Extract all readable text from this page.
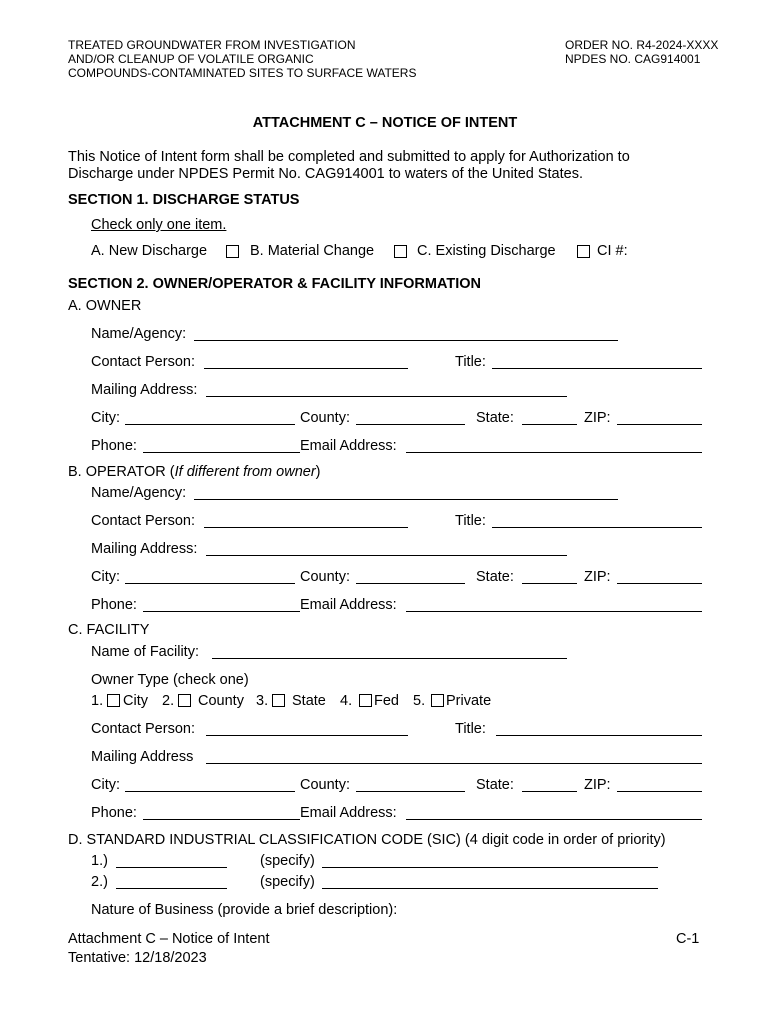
TREATED GROUNDWATER FROM INVESTIGATION
AND/OR CLEANUP OF VOLATILE ORGANIC
COMPOUNDS-CONTAMINATED SITES TO SURFACE WATERS
ORDER NO. R4-2024-XXXX
NPDES NO. CAG914001
ATTACHMENT C – NOTICE OF INTENT
This Notice of Intent form shall be completed and submitted to apply for Authorization to
Discharge under NPDES Permit No. CAG914001 to waters of the United States.
SECTION 1. DISCHARGE STATUS
Check only one item.
A. New Discharge	B. Material Change	C. Existing Discharge	CI #:
SECTION 2. OWNER/OPERATOR & FACILITY INFORMATION
A. OWNER
Name/Agency:
Contact Person:	Title:
Mailing Address:
City:	County:	State:	ZIP:
Phone:	Email Address:
B. OPERATOR (If different from owner)
Name/Agency:
Contact Person:	Title:
Mailing Address:
City:	County:	State:	ZIP:
Phone:	Email Address:
C. FACILITY
Name of Facility:
Owner Type (check one)
1. City 2. County 3. State 4. Fed 5. Private
Contact Person:	Title:
Mailing Address
City:	County:	State:	ZIP:
Phone:	Email Address:
D. STANDARD INDUSTRIAL CLASSIFICATION CODE (SIC) (4 digit code in order of priority)
1.)	(specify)
2.)	(specify)
Nature of Business (provide a brief description):
Attachment C – Notice of Intent
Tentative: 12/18/2023
C-1
